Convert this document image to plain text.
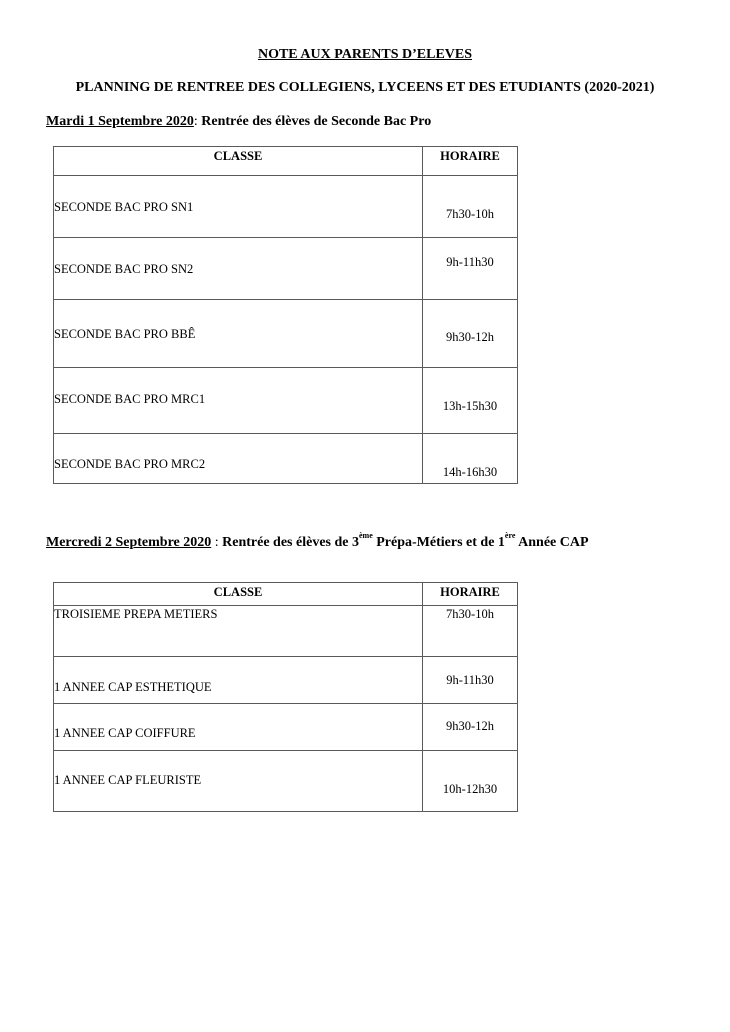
NOTE AUX PARENTS D’ELEVES
PLANNING DE RENTREE DES COLLEGIENS, LYCEENS ET DES ETUDIANTS (2020-2021)
Mardi 1 Septembre 2020: Rentrée des élèves de Seconde Bac Pro
CLASSE	HORAIRE

SECONDE BAC PRO SN1	7h30-10h

SECONDE BAC PRO SN2	9h-11h30

SECONDE BAC PRO BBÊ	9h30-12h

SECONDE BAC PRO MRC1	13h-15h30

SECONDE BAC PRO MRC2	14h-16h30
Mercredi 2 Septembre 2020 : Rentrée des élèves de 3ème Prépa-Métiers et de 1ère Année CAP
CLASSE	HORAIRE

TROISIEME PREPA METIERS	7h30-10h

1 ANNEE CAP ESTHETIQUE	9h-11h30

1 ANNEE CAP COIFFURE	9h30-12h

1 ANNEE CAP FLEURISTE	10h-12h30
